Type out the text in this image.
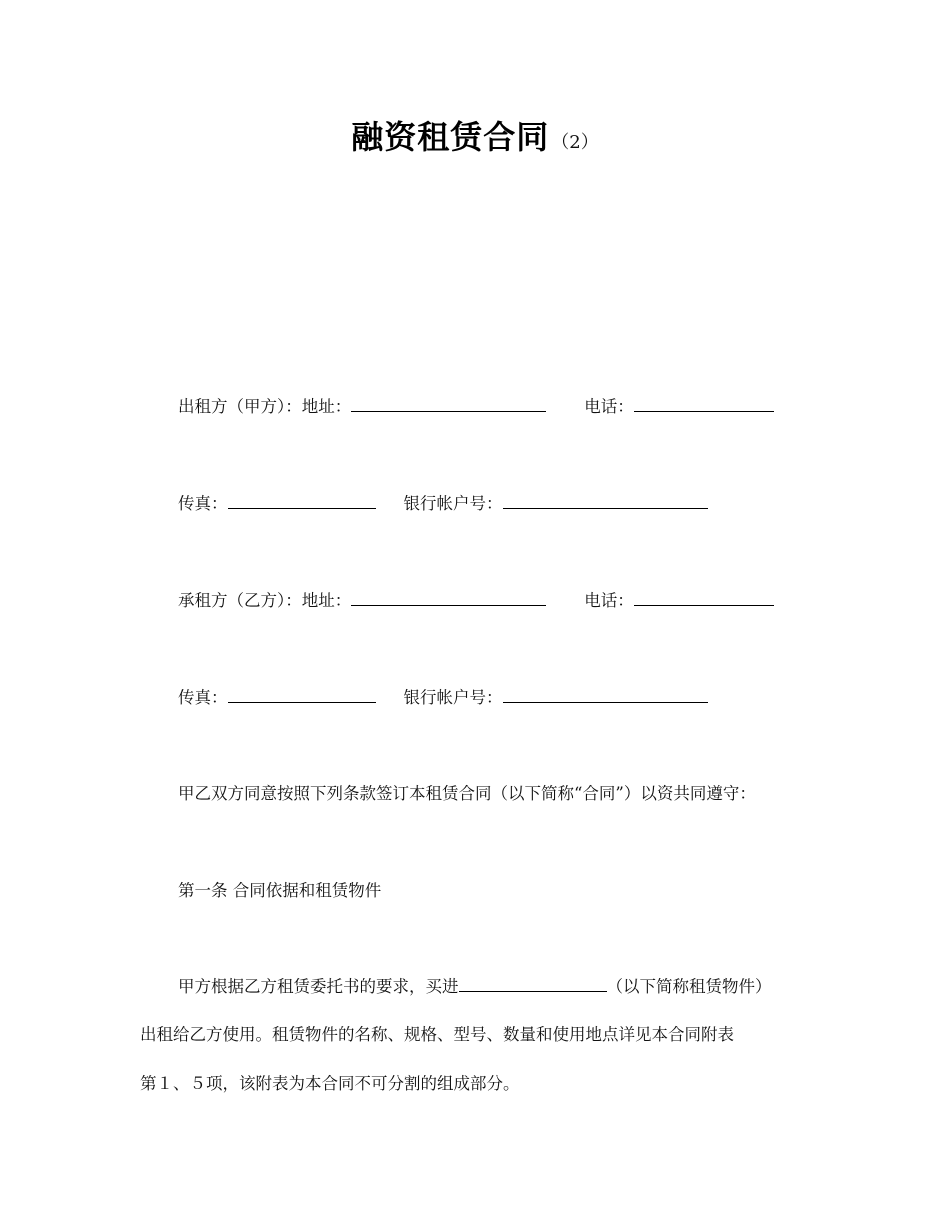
融资租赁合同 （2）
出租方（甲方）：地址：	电话：
传真：	银行帐户号：
承租方（乙方）：地址：	电话：
传真：	银行帐户号：
甲乙双方同意按照下列条款签订本租赁合同（以下简称“合同”）以资共同遵守：
第一条 合同依据和租赁物件
甲方根据乙方租赁委托书的要求，买进	（以下简称租赁物件）
出租给乙方使用。租赁物件的名称、规格、型号、数量和使用地点详见本合同附表
第１、５项，该附表为本合同不可分割的组成部分。
